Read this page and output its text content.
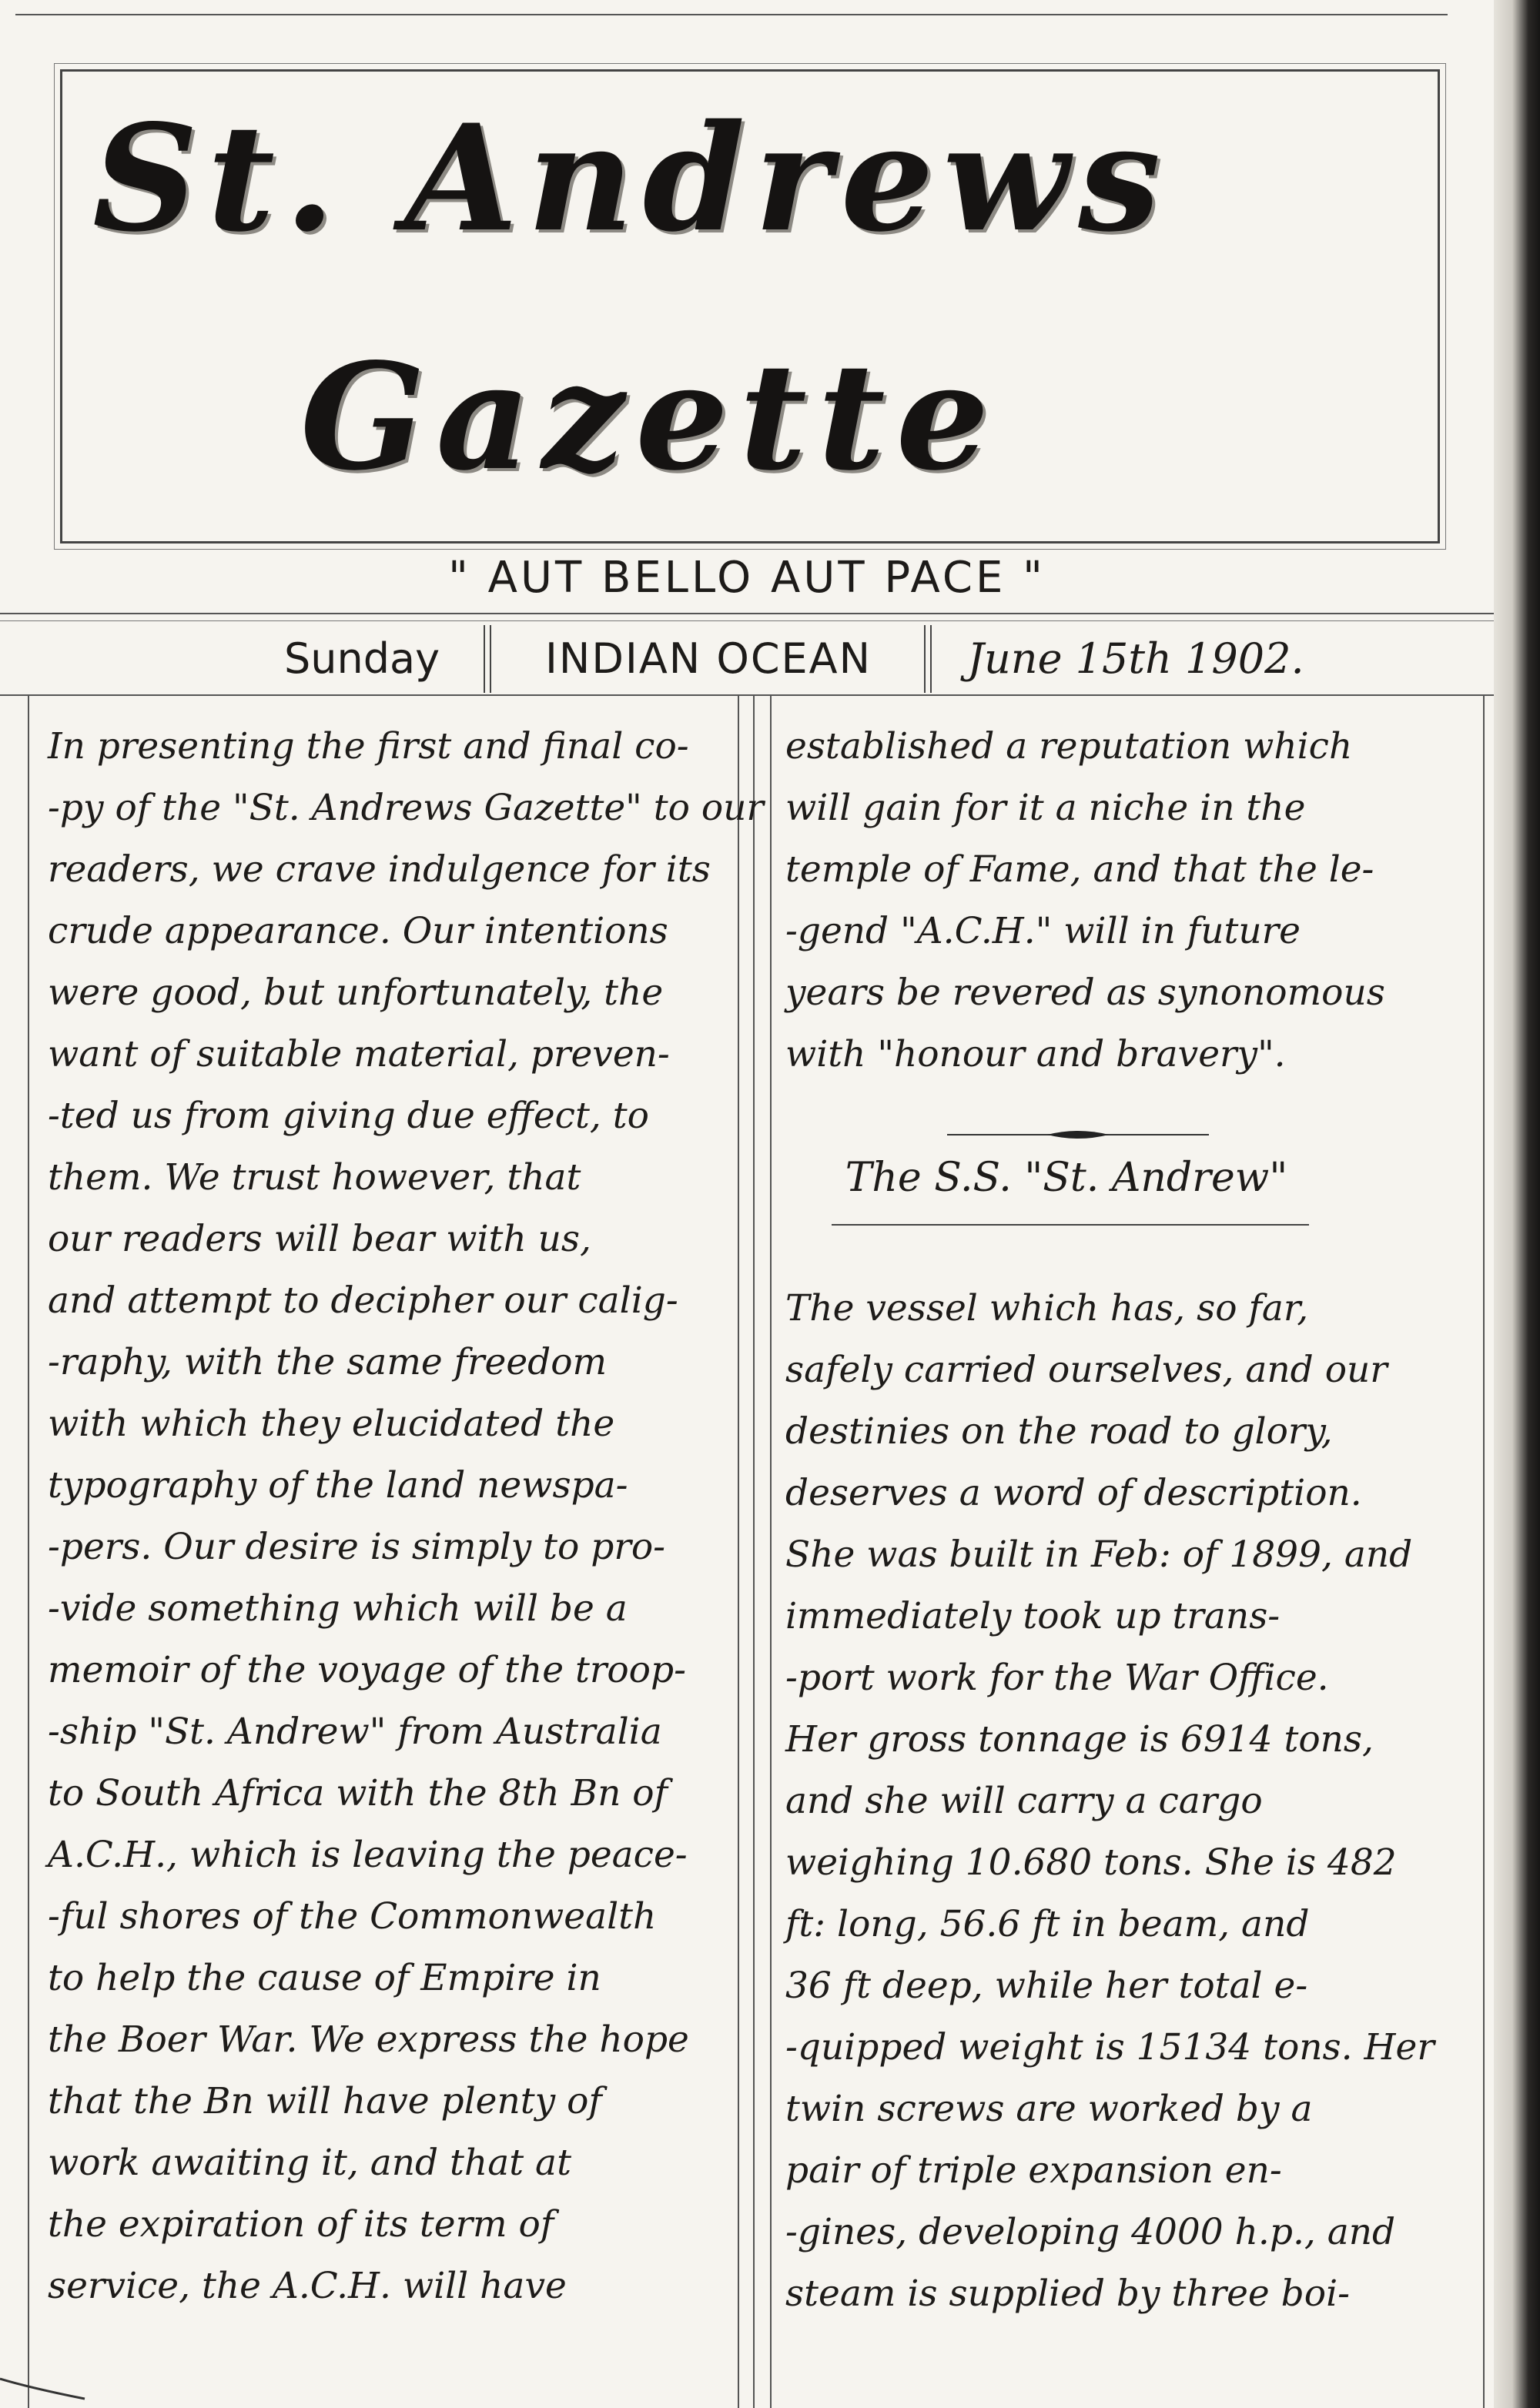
St. Andrews
Gazette

" AUT BELLO AUT PACE "

Sunday	INDIAN OCEAN	June 15th 1902.
In presenting the first and final co-
-py of the "St. Andrews Gazette" to our
readers, we crave indulgence for its
crude appearance. Our intentions
were good, but unfortunately, the
want of suitable material, preven-
-ted us from giving due effect, to
them. We trust however, that
our readers will bear with us,
and attempt to decipher our calig-
-raphy, with the same freedom
with which they elucidated the
typography of the land newspa-
-pers. Our desire is simply to pro-
-vide something which will be a
memoir of the voyage of the troop-
-ship "St. Andrew" from Australia
to South Africa with the 8th Bn of
A.C.H., which is leaving the peace-
-ful shores of the Commonwealth
to help the cause of Empire in
the Boer War. We express the hope
that the Bn will have plenty of
work awaiting it, and that at
the expiration of its term of
service, the A.C.H. will have
established a reputation which
will gain for it a niche in the
temple of Fame, and that the le-
-gend "A.C.H." will in future
years be revered as synonomous
with "honour and bravery".

The S.S. "St. Andrew"

The vessel which has, so far,
safely carried ourselves, and our
destinies on the road to glory,
deserves a word of description.
She was built in Feb: of 1899, and
immediately took up trans-
-port work for the War Office.
Her gross tonnage is 6914 tons,
and she will carry a cargo
weighing 10.680 tons. She is 482
ft: long, 56.6 ft in beam, and
36 ft deep, while her total e-
-quipped weight is 15134 tons. Her
twin screws are worked by a
pair of triple expansion en-
-gines, developing 4000 h.p., and
steam is supplied by three boi-
